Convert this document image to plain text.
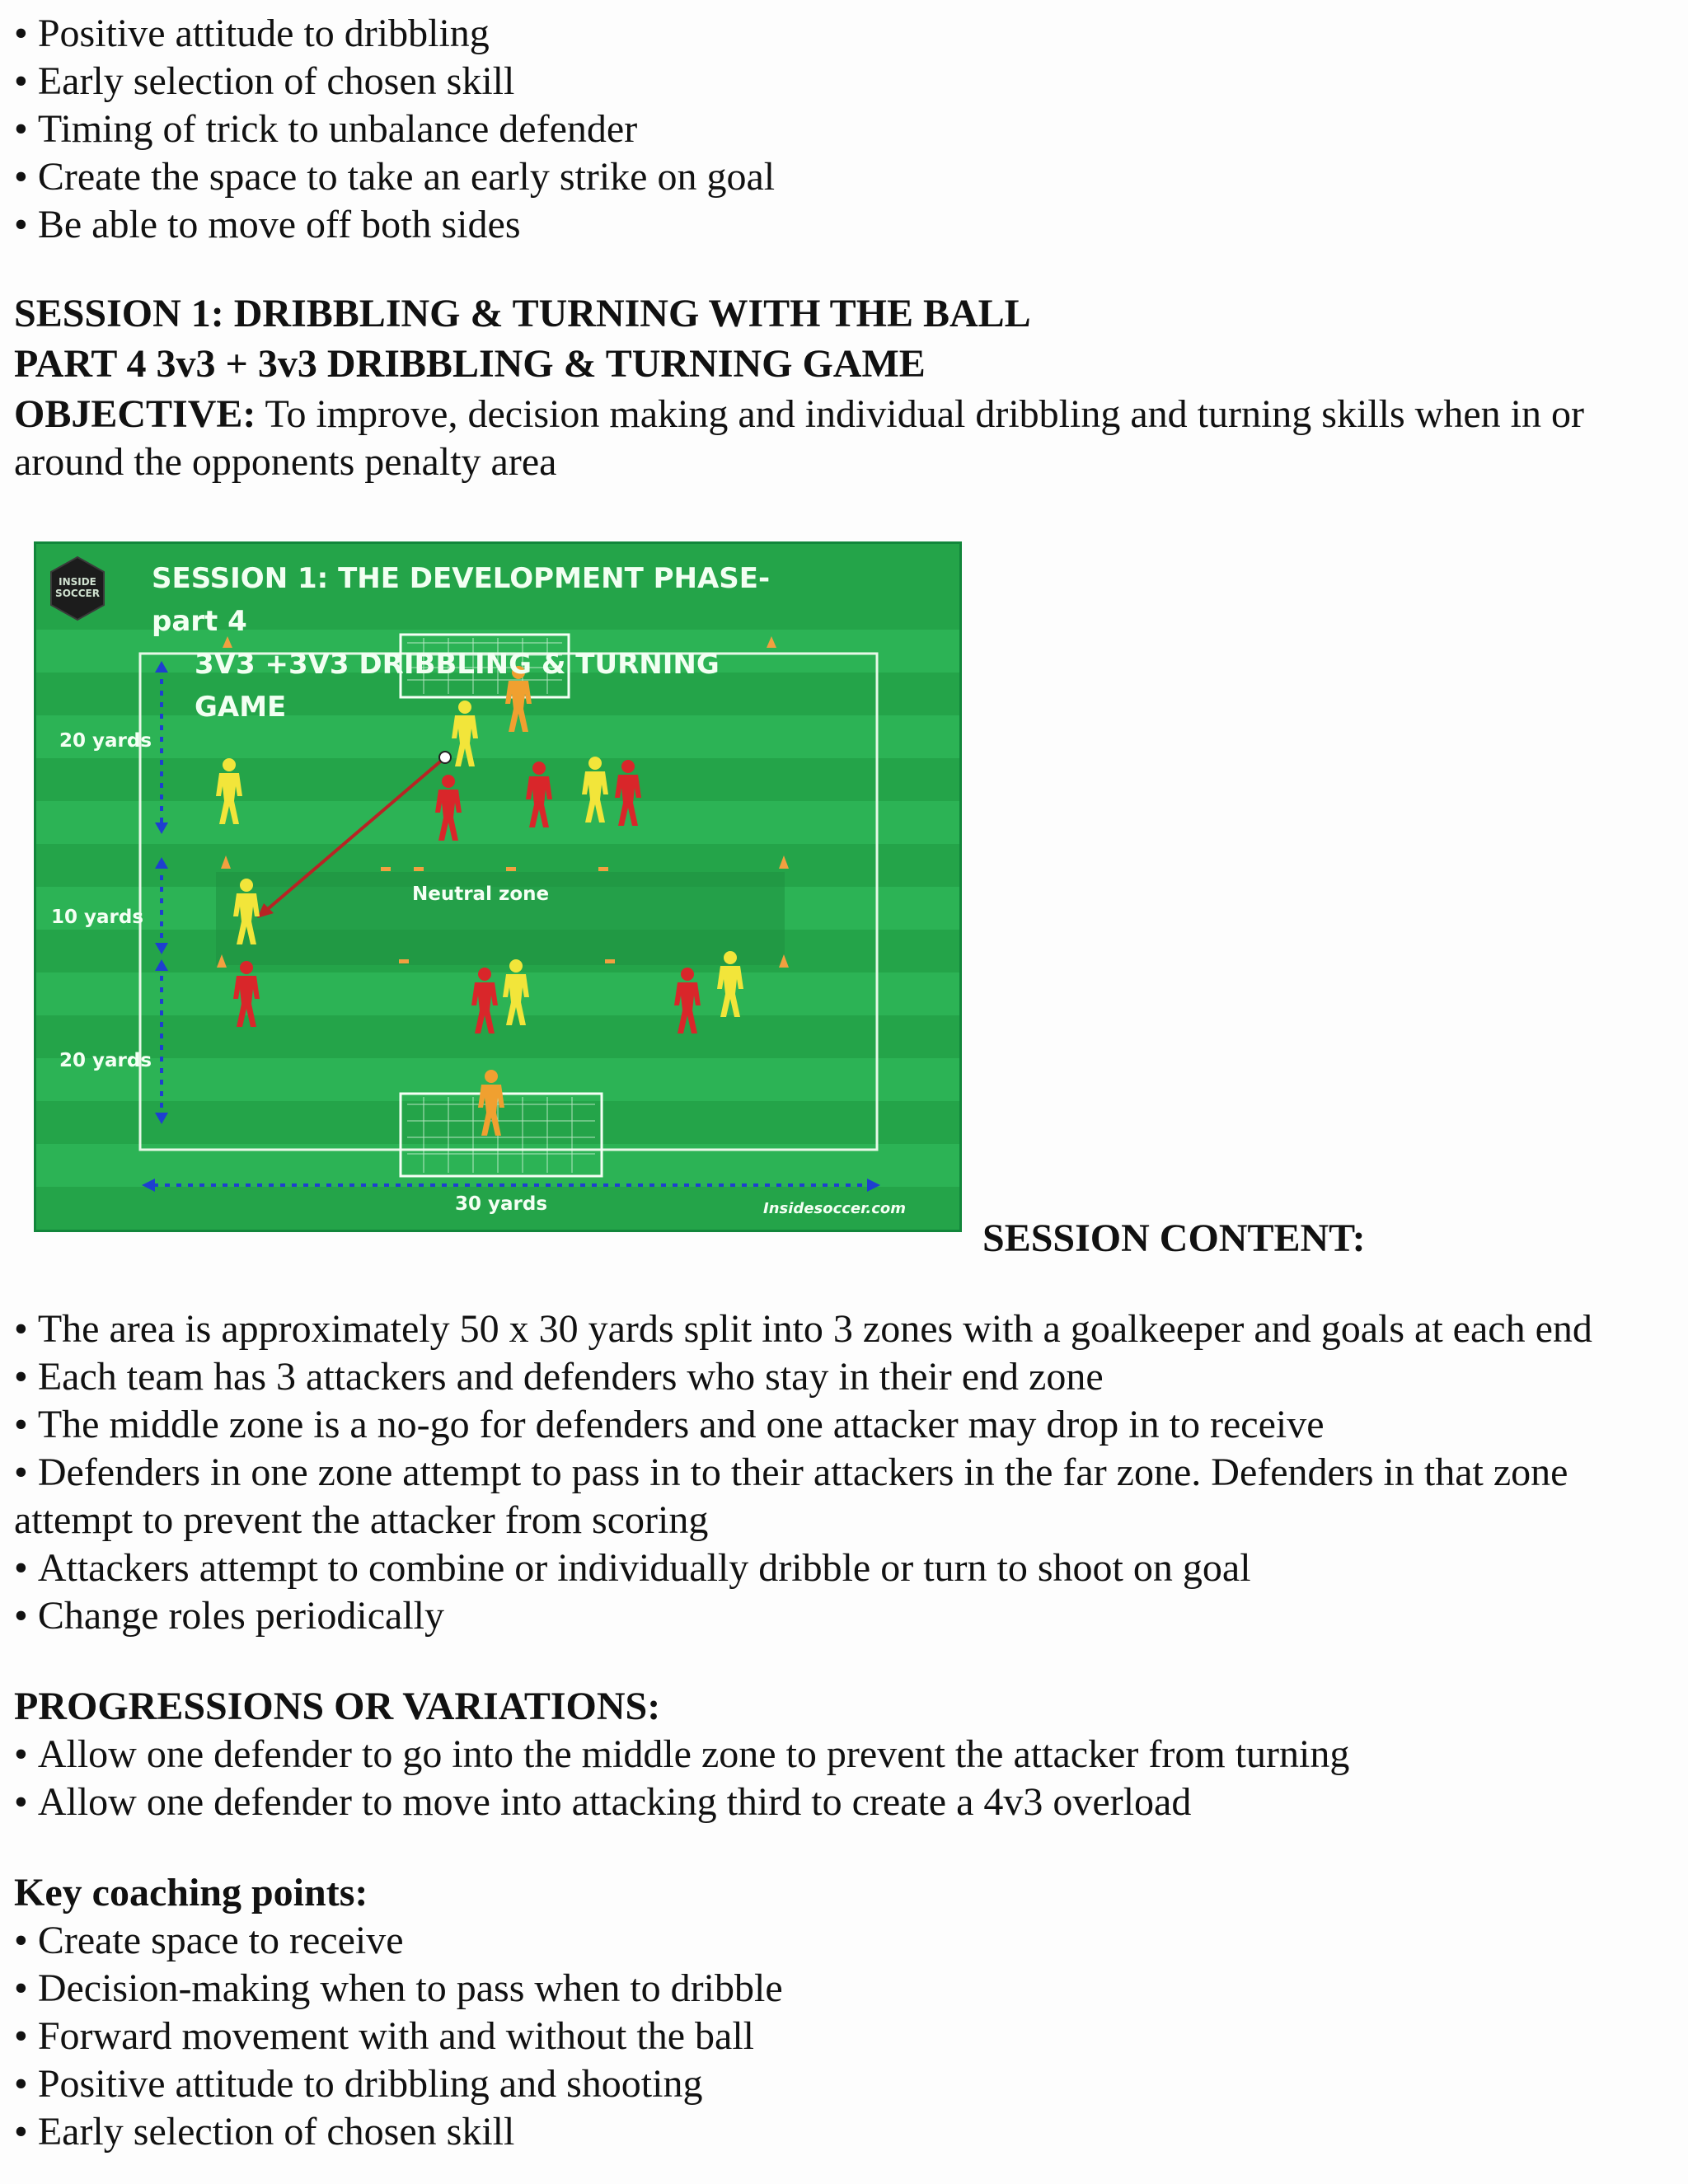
• Positive attitude to dribbling
• Early selection of chosen skill
• Timing of trick to unbalance defender
• Create the space to take an early strike on goal
• Be able to move off both sides
SESSION 1: DRIBBLING & TURNING WITH THE BALL
PART 4 3v3 + 3v3 DRIBBLING & TURNING GAME
OBJECTIVE: To improve, decision making and individual dribbling and turning skills when in or
around the opponents penalty area
INSIDE
SOCCER SESSION 1: THE DEVELOPMENT PHASE- part 4
3V3 +3V3 DRIBBLING & TURNING GAME
20 yards
10 yards
20 yards
Neutral zone
30 yards	Insidesoccer.com
SESSION CONTENT:
• The area is approximately 50 x 30 yards split into 3 zones with a goalkeeper and goals at each end
• Each team has 3 attackers and defenders who stay in their end zone
• The middle zone is a no-go for defenders and one attacker may drop in to receive
• Defenders in one zone attempt to pass in to their attackers in the far zone. Defenders in that zone
attempt to prevent the attacker from scoring
• Attackers attempt to combine or individually dribble or turn to shoot on goal
• Change roles periodically
PROGRESSIONS OR VARIATIONS:
• Allow one defender to go into the middle zone to prevent the attacker from turning
• Allow one defender to move into attacking third to create a 4v3 overload
Key coaching points:
• Create space to receive
• Decision-making when to pass when to dribble
• Forward movement with and without the ball
• Positive attitude to dribbling and shooting
• Early selection of chosen skill
